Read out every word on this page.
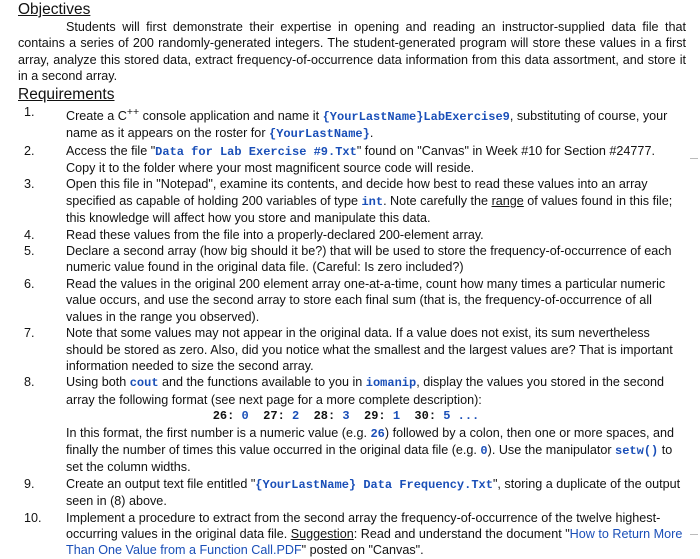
Objectives

Students will first demonstrate their expertise in opening and reading an instructor-supplied data file that contains a series of 200 randomly-generated integers. The student-generated program will store these values in a first array, analyze this stored data, extract frequency-of-occurrence data information from this data assortment, and store it in a second array.

Requirements
1.	Create a C++ console application and name it {YourLastName}LabExercise9, substituting of course, your name as it appears on the roster for {YourLastName}.
2.	Access the file "Data for Lab Exercise #9.Txt" found on "Canvas" in Week #10 for Section #24777. Copy it to the folder where your most magnificent source code will reside.
3.	Open this file in "Notepad", examine its contents, and decide how best to read these values into an array specified as capable of holding 200 variables of type int. Note carefully the range of values found in this file; this knowledge will affect how you store and manipulate this data.
4.	Read these values from the file into a properly-declared 200-element array.
5.	Declare a second array (how big should it be?) that will be used to store the frequency-of-occurrence of each numeric value found in the original data file. (Careful: Is zero included?)
6.	Read the values in the original 200 element array one-at-a-time, count how many times a particular numeric value occurs, and use the second array to store each final sum (that is, the frequency-of-occurrence of all values in the range you observed).
7.	Note that some values may not appear in the original data. If a value does not exist, its sum nevertheless should be stored as zero. Also, did you notice what the smallest and the largest values are? That is important information needed to size the second array.
8.	Using both cout and the functions available to you in iomanip, display the values you stored in the second array the following format (see next page for a more complete description):
26: 0 27: 2 28: 3 29: 1 30: 5 ...
In this format, the first number is a numeric value (e.g. 26) followed by a colon, then one or more spaces, and finally the number of times this value occurred in the original data file (e.g. 0). Use the manipulator setw() to set the column widths.
9.	Create an output text file entitled "{YourLastName} Data Frequency.Txt", storing a duplicate of the output seen in (8) above.
10.	Implement a procedure to extract from the second array the frequency-of-occurrence of the twelve highest-occurring values in the original data file. Suggestion: Read and understand the document "How to Return More Than One Value from a Function Call.PDF" posted on "Canvas".
